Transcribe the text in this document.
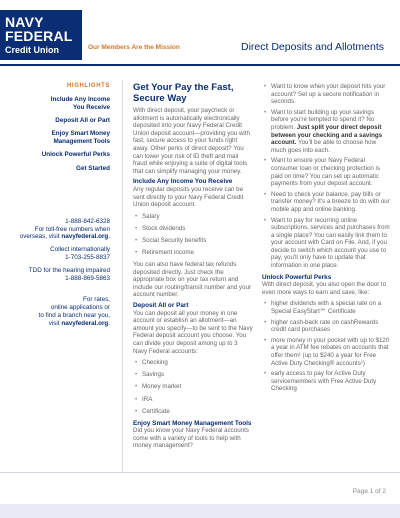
NAVY
FEDERAL
Credit Union	Our Members Are the Mission	Direct Deposits and Allotments
HIGHLIGHTS
Include Any Income
You Receive
Deposit All or Part
Enjoy Smart Money
Management Tools
Unlock Powerful Perks
Get Started
1-888-842-6328
For toll-free numbers when overseas, visit navyfederal.org.
Collect internationally
1-703-255-8837
TDD for the hearing impaired
1-888-869-5863

For rates,
online applications or
to find a branch near you,
visit navyfederal.org.
Get Your Pay the Fast,
Secure Way

With direct deposit, your paycheck or allotment is automatically electronically deposited into your Navy Federal Credit Union deposit account—providing you with fast, secure access to your funds right away. Other perks of direct deposit? You can lower your risk of ID theft and mail fraud while enjoying a suite of digital tools that can simplify managing your money.

Include Any Income You Receive

Any regular deposits you receive can be sent directly to your Navy Federal Credit Union deposit account.

• Salary
• Stock dividends
• Social Security benefits
• Retirement income

You can also have federal tax refunds deposited directly. Just check the appropriate box on your tax return and include our routing/transit number and your account number.

Deposit All or Part

You can deposit all your money in one account or establish an allotment—an amount you specify—to be sent to the Navy Federal deposit account you choose. You can divide your deposit among up to 3 Navy Federal accounts:

• Checking
• Savings
• Money market
• IRA
• Certificate
Enjoy Smart Money Management Tools

Did you know your Navy Federal accounts come with a variety of tools to help with money management?

• Want to know when your deposit hits your account? Set up a secure notification in seconds.
• Want to start building up your savings before you're tempted to spend it? No problem. Just split your direct deposit between your checking and a savings account. You'll be able to choose how much goes into each.
• Want to ensure your Navy Federal consumer loan or checking protection is paid on time? You can set up automatic payments from your deposit account.
• Need to check your balance, pay bills or transfer money? It's a breeze to do with our mobile app and online banking.
• Want to pay for recurring online subscriptions, services and purchases from a single place? You can easily link them to your account with Card on File. And, if you decide to switch which account you use to pay, you'll only have to update that information in one place.
Unlock Powerful Perks

With direct deposit, you also open the door to even more ways to earn and save, like:

• higher dividends with a special rate on a Special EasyStart℠ Certificate
• higher cash-back rate on cashRewards credit card purchases
• more money in your pocket with up to $120 a year in ATM fee rebates on accounts that offer them¹ (up to $240 a year for Free Active Duty Checking® accounts¹)
• early access to pay for Active Duty servicemembers with Free Active Duty Checking
Page 1 of 2
